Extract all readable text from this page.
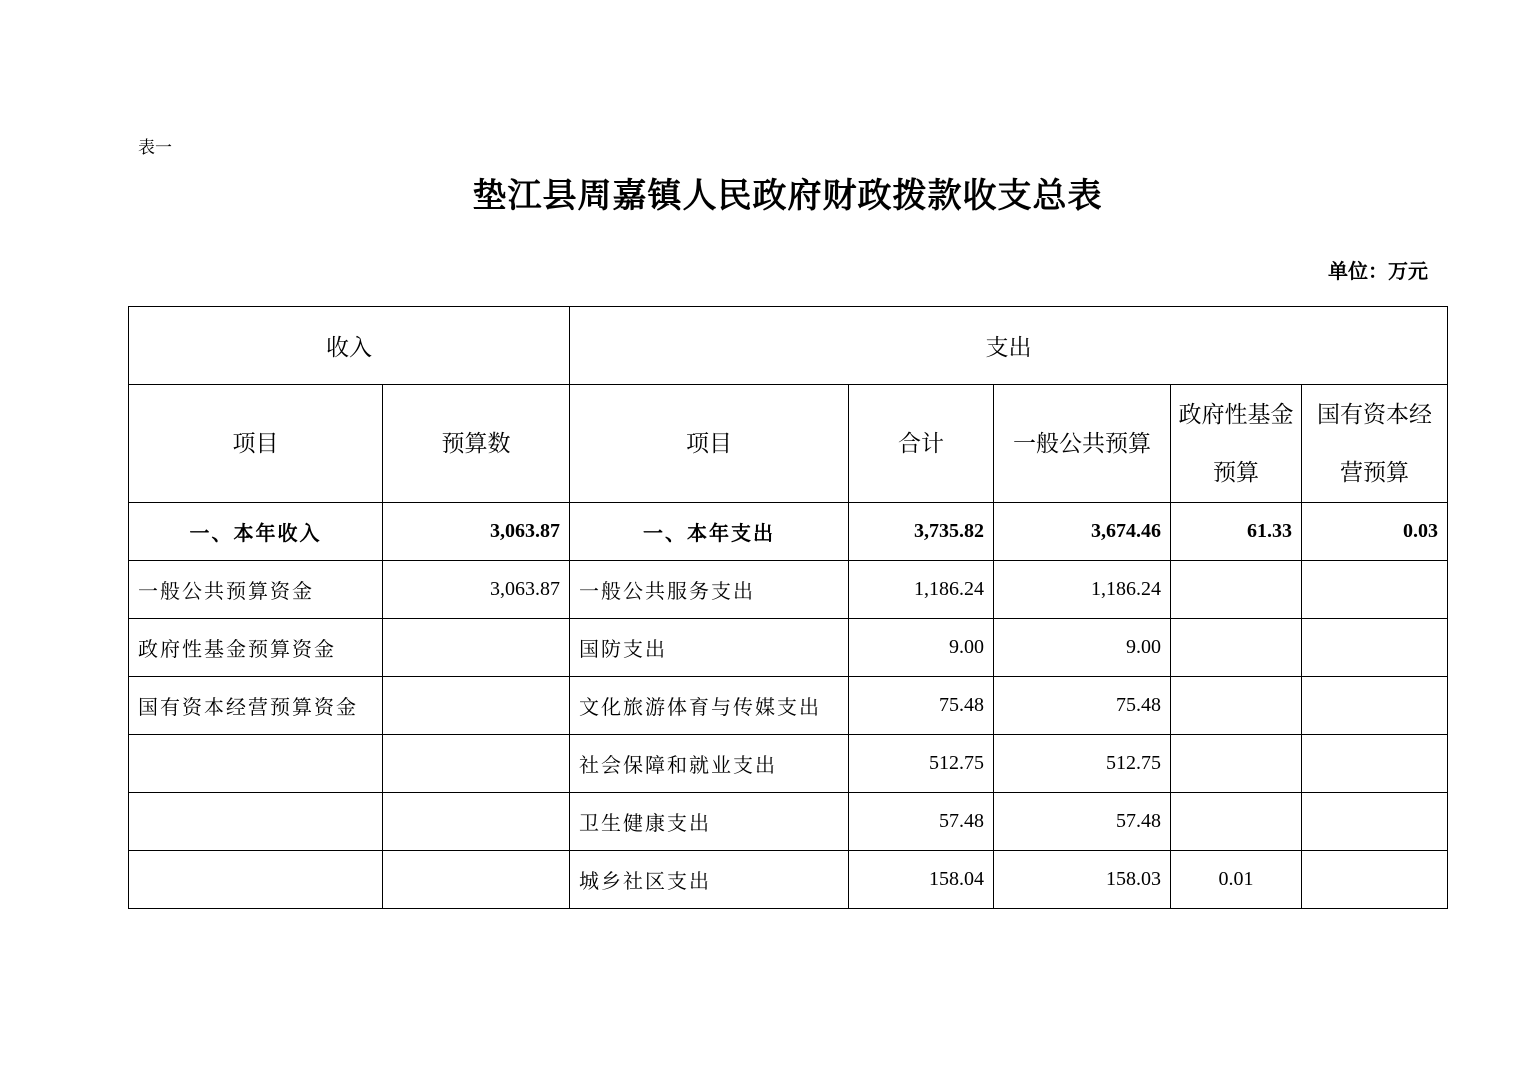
表一
垫江县周嘉镇人民政府财政拨款收支总表
单位：万元
收入		支出				
项目	预算数	项目	合计	一般公共预算	政府性基金预算	国有资本经营预算
一、本年收入	3,063.87	一、本年支出	3,735.82	3,674.46	61.33	0.03
一般公共预算资金	3,063.87	一般公共服务支出	1,186.24	1,186.24		
政府性基金预算资金		国防支出	9.00	9.00		
国有资本经营预算资金		文化旅游体育与传媒支出	75.48	75.48		
		社会保障和就业支出	512.75	512.75		
		卫生健康支出	57.48	57.48		
		城乡社区支出	158.04	158.03	0.01	
